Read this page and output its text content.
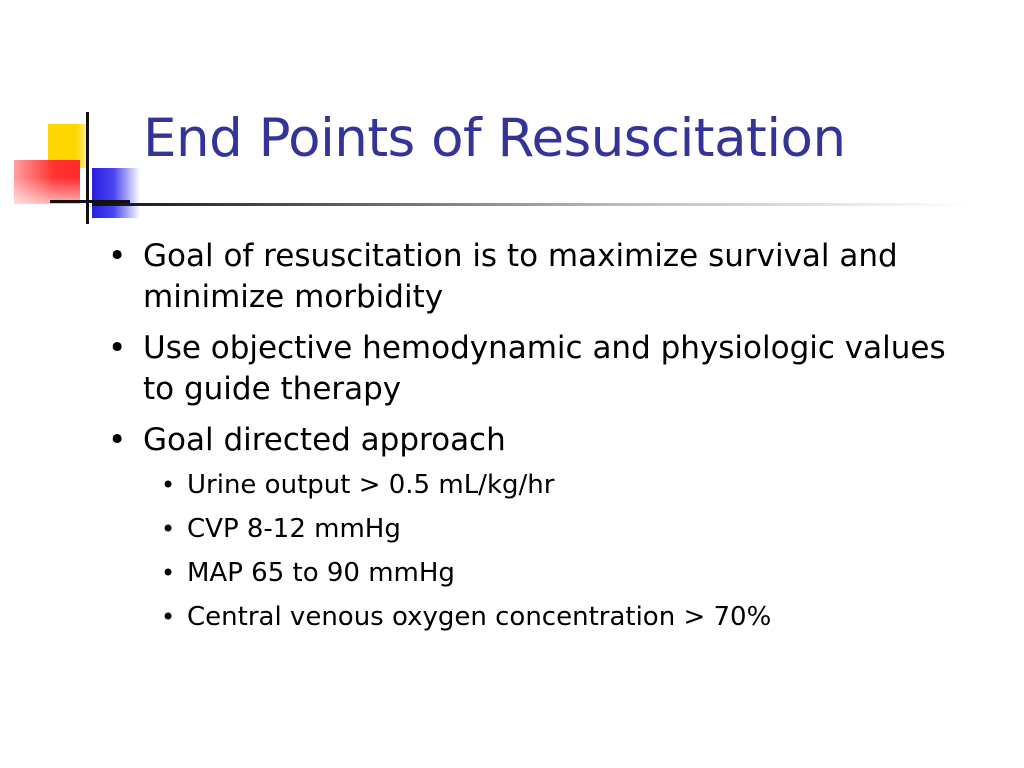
End Points of Resuscitation
• Goal of resuscitation is to maximize survival and minimize morbidity
• Use objective hemodynamic and physiologic values to guide therapy
• Goal directed approach
• Urine output > 0.5 mL/kg/hr
• CVP 8-12 mmHg
• MAP 65 to 90 mmHg
• Central venous oxygen concentration > 70%
